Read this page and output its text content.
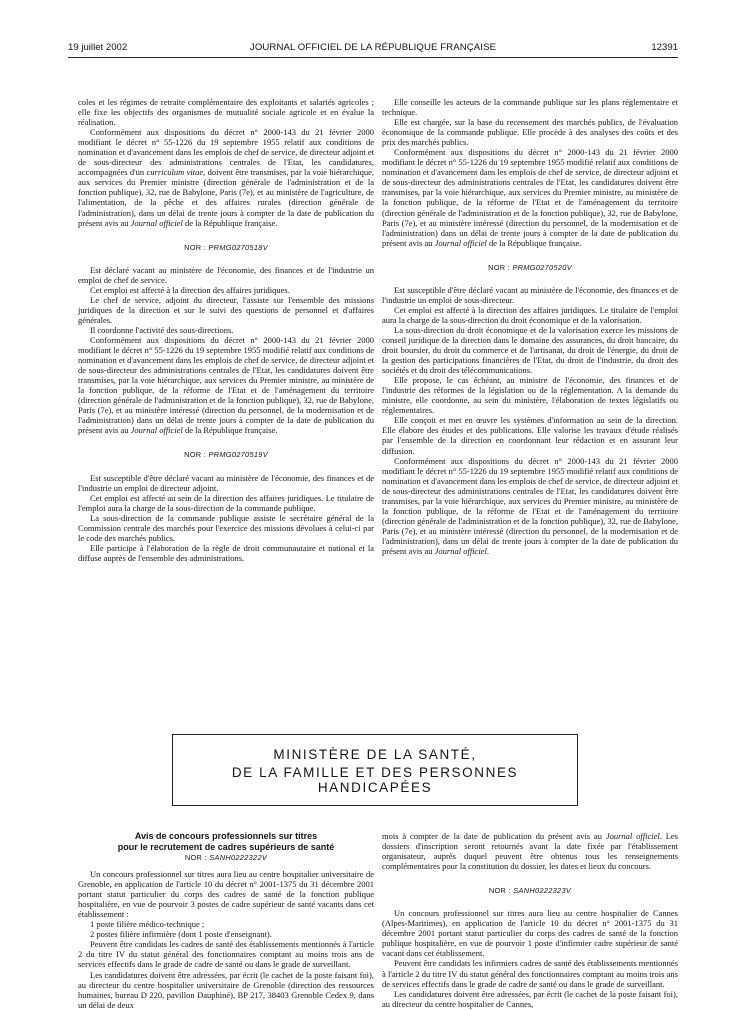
19 juillet 2002	JOURNAL OFFICIEL DE LA RÉPUBLIQUE FRANÇAISE	12391

coles et les régimes de retraite complémentaire des exploitants et salariés agricoles ; elle fixe les objectifs des organismes de mutualité sociale agricole et en évalue la réalisation.

Conformément aux dispositions du décret n° 2000-143 du 21 février 2000 modifiant le décret n° 55-1226 du 19 septembre 1955 relatif aux conditions de nomination et d'avancement dans les emplois de chef de service, de directeur adjoint et de sous-directeur des administrations centrales de l'Etat, les candidatures, accompagnées d'un curriculum vitae, doivent être transmises, par la voie hiérarchique, aux services du Premier ministre (direction générale de l'administration et de la fonction publique), 32, rue de Babylone, Paris (7e), et au ministère de l'agriculture, de l'alimentation, de la pêche et des affaires rurales (direction générale de l'administration), dans un délai de trente jours à compter de la date de publication du présent avis au Journal officiel de la République française.

NOR : PRMG0270518V

Est déclaré vacant au ministère de l'économie, des finances et de l'industrie un emploi de chef de service.

Cet emploi est affecté à la direction des affaires juridiques.

Le chef de service, adjoint du directeur, l'assiste sur l'ensemble des missions juridiques de la direction et sur le suivi des questions de personnel et d'affaires générales.

Il coordonne l'activité des sous-directions.

Conformément aux dispositions du décret n° 2000-143 du 21 février 2000 modifiant le décret n° 55-1226 du 19 septembre 1955 modifié relatif aux conditions de nomination et d'avancement dans les emplois de chef de service, de directeur adjoint et de sous-directeur des administrations centrales de l'Etat, les candidatures doivent être transmises, par la voie hiérarchique, aux services du Premier ministre, au ministère de la fonction publique, de la réforme de l'Etat et de l'aménagement du territoire (direction générale de l'administration et de la fonction publique), 32, rue de Babylone, Paris (7e), et au ministère intéressé (direction du personnel, de la modernisation et de l'administration) dans un délai de trente jours à compter de la date de publication du présent avis au Journal officiel de la République française.

NOR : PRMG0270519V

Est susceptible d'être déclaré vacant au ministère de l'économie, des finances et de l'industrie un emploi de directeur adjoint.

Cet emploi est affecté au sein de la direction des affaires juridiques. Le titulaire de l'emploi aura la charge de la sous-direction de la commande publique.

La sous-direction de la commande publique assiste le secrétaire général de la Commission centrale des marchés pour l'exercice des missions dévolues à celui-ci par le code des marchés publics.

Elle participe à l'élaboration de la règle de droit communautaire et national et la diffuse auprès de l'ensemble des administrations.

Elle conseille les acteurs de la commande publique sur les plans réglementaire et technique.

Elle est chargée, sur la base du recensement des marchés publics, de l'évaluation économique de la commande publique. Elle procède à des analyses des coûts et des prix des marchés publics.

Conformément aux dispositions du décret n° 2000-143 du 21 février 2000 modifiant le décret n° 55-1226 du 19 septembre 1955 modifié relatif aux conditions de nomination et d'avancement dans les emplois de chef de service, de directeur adjoint et de sous-directeur des administrations centrales de l'Etat, les candidatures doivent être transmises, par la voie hiérarchique, aux services du Premier ministre, au ministère de la fonction publique, de la réforme de l'Etat et de l'aménagement du territoire (direction générale de l'administration et de la fonction publique), 32, rue de Babylone, Paris (7e), et au ministère intéressé (direction du personnel, de la modernisation et de l'administration) dans un délai de trente jours à compter de la date de publication du présent avis au Journal officiel de la République française.

NOR : PRMG0270520V

Est susceptible d'être déclaré vacant au ministère de l'économie, des finances et de l'industrie un emploi de sous-directeur.

Cet emploi est affecté à la direction des affaires juridiques. Le titulaire de l'emploi aura la charge de la sous-direction du droit économique et de la valorisation.

La sous-direction du droit économique et de la valorisation exerce les missions de conseil juridique de la direction dans le domaine des assurances, du droit bancaire, du droit boursier, du droit du commerce et de l'artisanat, du droit de l'énergie, du droit de la gestion des participations financières de l'Etat, du droit de l'industrie, du droit des sociétés et du droit des télécommunications.

Elle propose, le cas échéant, au ministre de l'économie, des finances et de l'industrie des réformes de la législation ou de la réglementation. A la demande du ministre, elle coordonne, au sein du ministère, l'élaboration de textes législatifs ou réglementaires.

Elle conçoit et met en œuvre les systèmes d'information au sein de la direction. Elle élabore des études et des publications. Elle valorise les travaux d'étude réalisés par l'ensemble de la direction en coordonnant leur rédaction et en assurant leur diffusion.

Conformément aux dispositions du décret n° 2000-143 du 21 février 2000 modifiant le décret n° 55-1226 du 19 septembre 1955 modifié relatif aux conditions de nomination et d'avancement dans les emplois de chef de service, de directeur adjoint et de sous-directeur des administrations centrales de l'Etat, les candidatures doivent être transmises, par la voie hiérarchique, aux services du Premier ministre, au ministère de la fonction publique, de la réforme de l'Etat et de l'aménagement du territoire (direction générale de l'administration et de la fonction publique), 32, rue de Babylone, Paris (7e), et au ministère intéressé (direction du personnel, de la modernisation et de l'administration), dans un délai de trente jours à compter de la date de publication du présent avis au Journal officiel.

MINISTÈRE DE LA SANTÉ,
DE LA FAMILLE ET DES PERSONNES HANDICAPÉES

Avis de concours professionnels sur titres

pour le recrutement de cadres supérieurs de santé

NOR : SANH0222322V

Un concours professionnel sur titres aura lieu au centre hospitalier universitaire de Grenoble, en application de l'article 10 du décret n° 2001-1375 du 31 décembre 2001 portant statut particulier du corps des cadres de santé de la fonction publique hospitalière, en vue de pourvoir 3 postes de cadre supérieur de santé vacants dans cet établissement :

1 poste filière médico-technique ;

2 postes filière infirmière (dont 1 poste d'enseignant).

Peuvent être candidats les cadres de santé des établissements mentionnés à l'article 2 du titre IV du statut général des fonctionnaires comptant au moins trois ans de services effectifs dans le grade de cadre de santé ou dans le grade de surveillant.

Les candidatures doivent être adressées, par écrit (le cachet de la poste faisant foi), au directeur du centre hospitalier universitaire de Grenoble (direction des ressources humaines, bureau D 220, pavillon Dauphiné), BP 217, 38403 Grenoble Cedex 9, dans un délai de deux

mois à compter de la date de publication du présent avis au Journal officiel. Les dossiers d'inscription seront retournés avant la date fixée par l'établissement organisateur, auprès duquel peuvent être obtenus tous les renseignements complémentaires pour la constitution du dossier, les dates et lieux du concours.

NOR : SANH0222323V

Un concours professionnel sur titres aura lieu au centre hospitalier de Cannes (Alpes-Maritimes), en application de l'article 10 du décret n° 2001-1375 du 31 décembre 2001 portant statut particulier du corps des cadres de santé de la fonction publique hospitalière, en vue de pourvoir 1 poste d'infirmier cadre supérieur de santé vacant dans cet établissement.

Peuvent être candidats les infirmiers cadres de santé des établissements mentionnés à l'article 2 du titre IV du statut général des fonctionnaires comptant au moins trois ans de services effectifs dans le grade de cadre de santé ou dans le grade de surveillant.

Les candidatures doivent être adressées, par écrit (le cachet de la poste faisant foi), au directeur du centre hospitalier de Cannes,
